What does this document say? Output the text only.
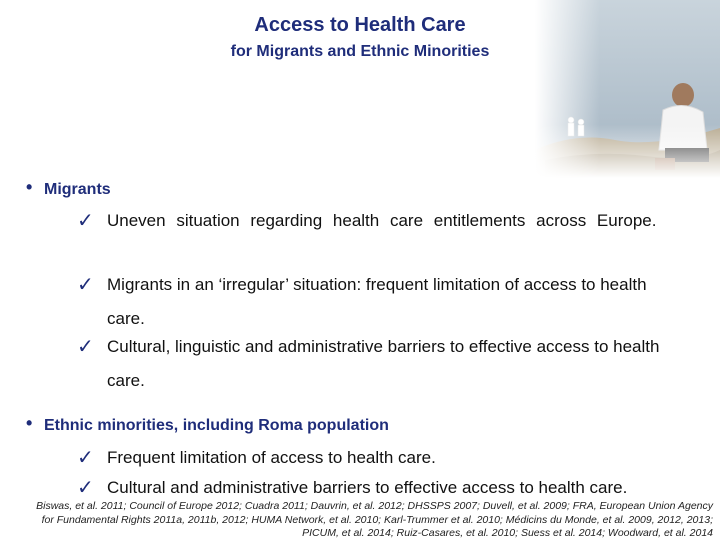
Access to Health Care
for Migrants and Ethnic Minorities
• Migrants

✓ Uneven situation regarding health care entitlements across Europe.

✓ Migrants in an ‘irregular’ situation: frequent limitation of access to health care.

✓ Cultural, linguistic and administrative barriers to effective access to health care.

• Ethnic minorities, including Roma population

✓ Frequent limitation of access to health care.

✓ Cultural and administrative barriers to effective access to health care.

Biswas, et al. 2011; Council of Europe 2012; Cuadra 2011; Dauvrin, et al. 2012; DHSSPS 2007; Duvell, et al. 2009; FRA, European Union Agency for Fundamental Rights 2011a, 2011b, 2012; HUMA Network, et al. 2010; Karl-Trummer et al. 2010; Médicins du Monde, et al. 2009, 2012, 2013; PICUM, et al. 2014; Ruiz-Casares, et al. 2010; Suess et al. 2014; Woodward, et al. 2014
